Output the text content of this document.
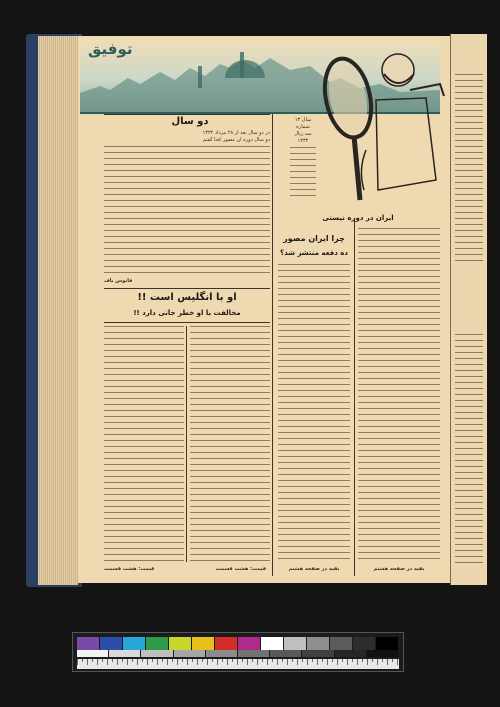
توفیق
سال ۱۳
شماره
سه ریال
۱۳۳۴
دو سال
در دو سال بعد از ۲۸ مرداد ۱۳۳۲
دو سال دوره آن مصور کجا گفتم
فانوس باف
او با انگلیس است !!
مخالفت با او خطر جانی دارد !!
قیمت: هشت قسمت	قیمت: هشت قسمت
ایران در دوره نیستی
چرا ایران مصور
ده دفعه منتشر شد؟
بقیه در صفحه هشتم	بقیه در صفحه هشتم
